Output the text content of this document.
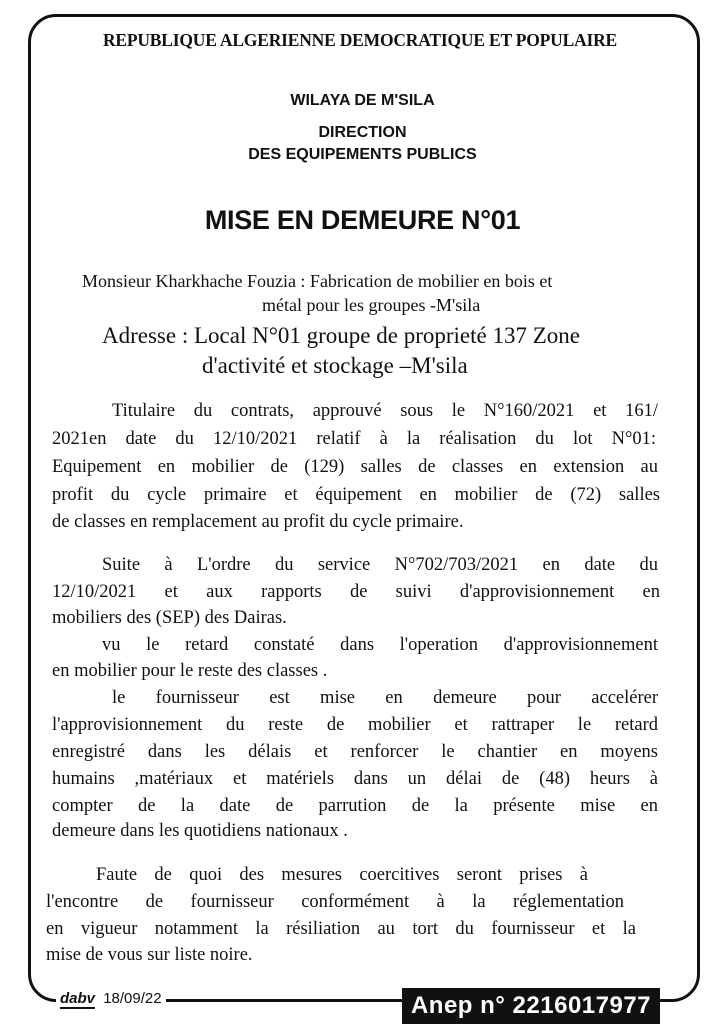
REPUBLIQUE ALGERIENNE DEMOCRATIQUE ET POPULAIRE
WILAYA DE M'SILA
DIRECTION
DES EQUIPEMENTS PUBLICS
MISE EN DEMEURE N°01
Monsieur Kharkhache Fouzia : Fabrication de mobilier en bois et
métal pour les groupes -M'sila
Adresse : Local N°01 groupe de proprieté 137 Zone
d'activité et stockage –M'sila
Titulaire du contrats, approuvé sous le N°160/2021 et 161/
2021en date du 12/10/2021 relatif à la réalisation du lot N°01:
Equipement en mobilier de (129) salles de classes en extension au
profit du cycle primaire et équipement en mobilier de (72) salles
de classes en remplacement au profit du cycle primaire.
Suite à L'ordre du service N°702/703/2021 en date du
12/10/2021 et aux rapports de suivi d'approvisionnement en
mobiliers des (SEP) des Dairas.
vu le retard constaté dans l'operation d'approvisionnement
en mobilier pour le reste des classes .
le fournisseur est mise en demeure pour accelérer
l'approvisionnement du reste de mobilier et rattraper le retard
enregistré dans les délais et renforcer le chantier en moyens
humains ,matériaux et matériels dans un délai de (48) heurs à
compter de la date de parrution de la présente mise en
demeure dans les quotidiens nationaux .
Faute de quoi des mesures coercitives seront prises à
l'encontre de fournisseur conformément à la réglementation
en vigueur notamment la résiliation au tort du fournisseur et la
mise de vous sur liste noire.
dabv 18/09/22	Anep n° 2216017977
